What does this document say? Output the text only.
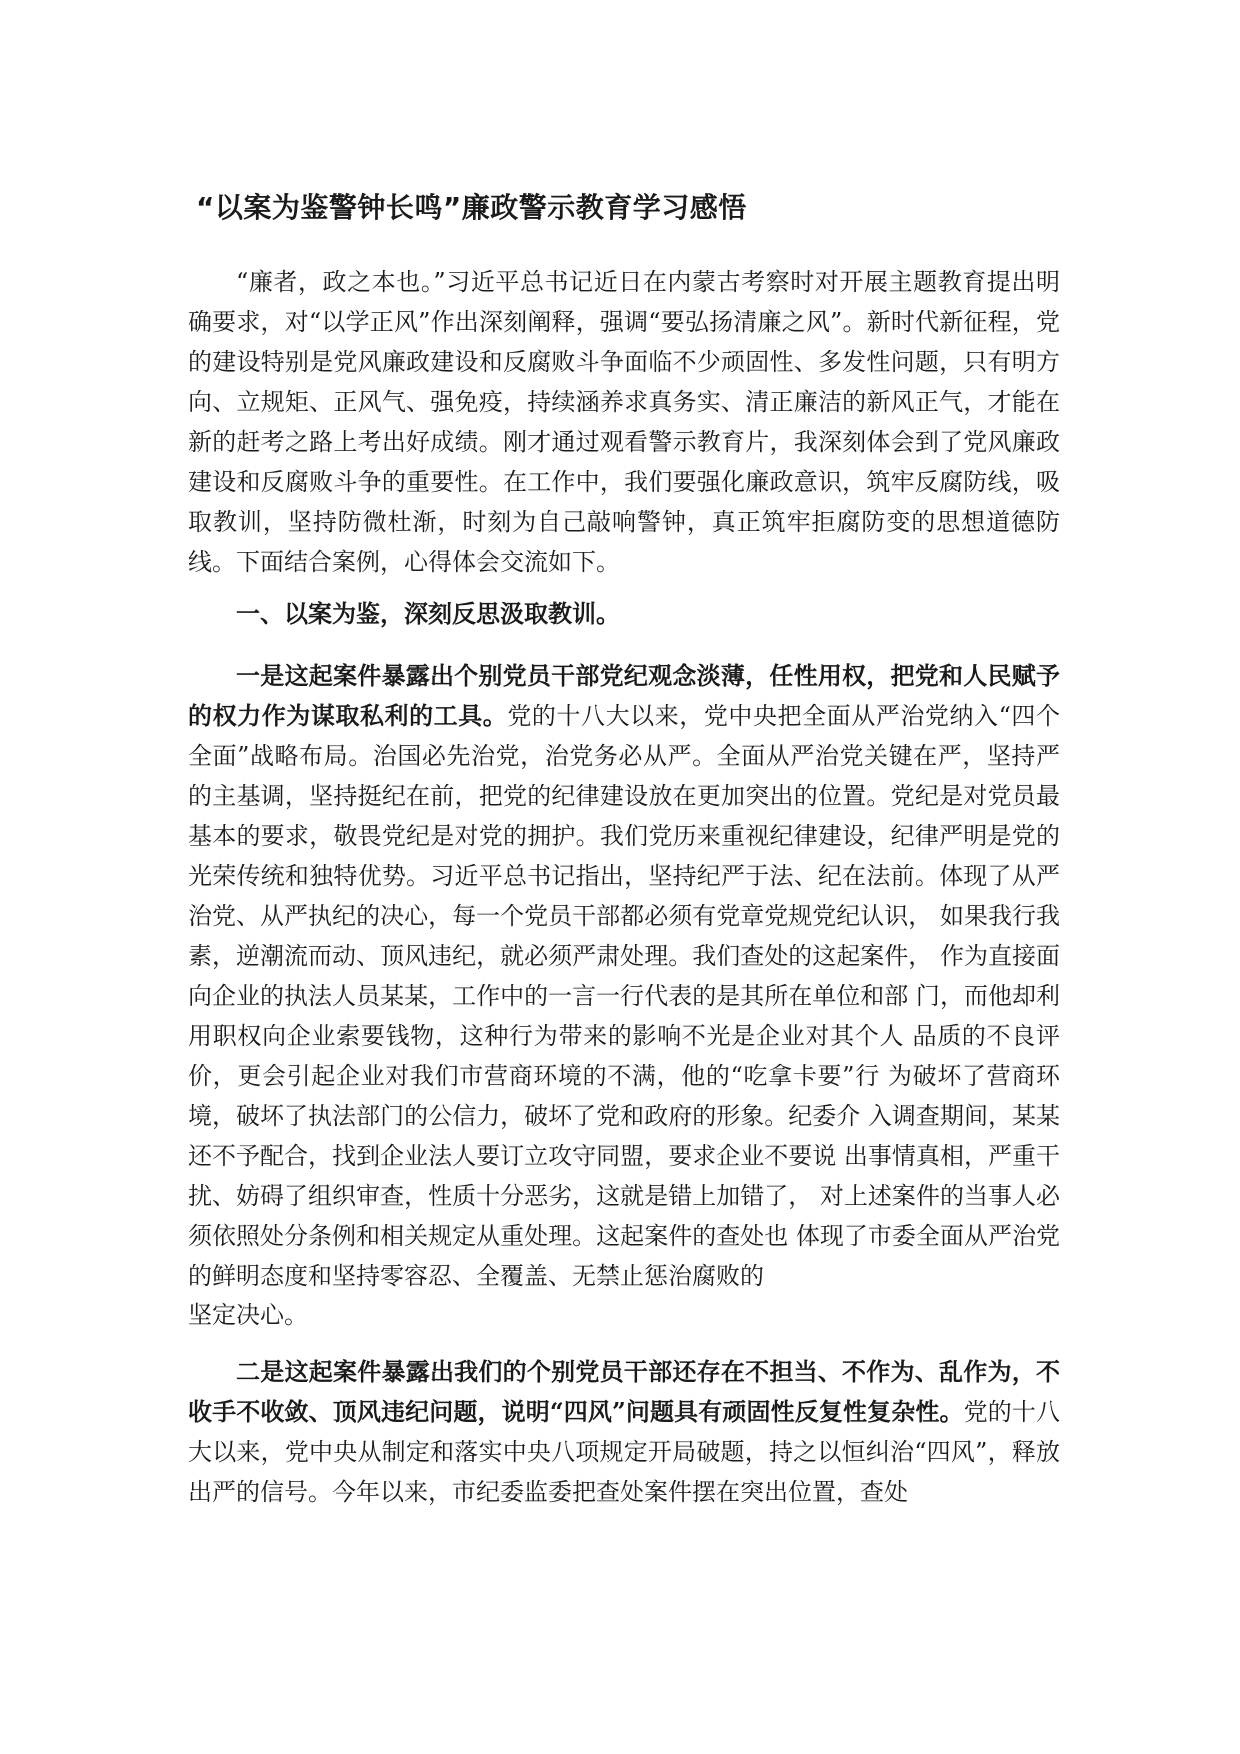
“以案为鉴警钟长鸣”廉政警示教育学习感悟

“廉者，政之本也。”习近平总书记近日在内蒙古考察时对开展主题教育提出明确要求，对“以学正风”作出深刻阐释，强调“要弘扬清廉之风”。新时代新征程，党的建设特别是党风廉政建设和反腐败斗争面临不少顽固性、多发性问题，只有明方向、立规矩、正风气、强免疫，持续涵养求真务实、清正廉洁的新风正气，才能在新的赶考之路上考出好成绩。刚才通过观看警示教育片，我深刻体会到了党风廉政建设和反腐败斗争的重要性。在工作中，我们要强化廉政意识，筑牢反腐防线，吸取教训，坚持防微杜渐，时刻为自己敲响警钟，真正筑牢拒腐防变的思想道德防线。下面结合案例，心得体会交流如下。

一、以案为鉴，深刻反思汲取教训。

一是这起案件暴露出个别党员干部党纪观念淡薄，任性用权，把党和人民赋予的权力作为谋取私利的工具。党的十八大以来，党中央把全面从严治党纳入“四个全面”战略布局。治国必先治党，治党务必从严。全面从严治党关键在严，坚持严的主基调，坚持挺纪在前，把党的纪律建设放在更加突出的位置。党纪是对党员最基本的要求，敬畏党纪是对党的拥护。我们党历来重视纪律建设，纪律严明是党的光荣传统和独特优势。习近平总书记指出，坚持纪严于法、纪在法前。体现了从严治党、从严执纪的决心，每一个党员干部都必须有党章党规党纪认识， 如果我行我素，逆潮流而动、顶风违纪，就必须严肃处理。我们查处的这起案件， 作为直接面向企业的执法人员某某，工作中的一言一行代表的是其所在单位和部 门，而他却利用职权向企业索要钱物，这种行为带来的影响不光是企业对其个人 品质的不良评价，更会引起企业对我们市营商环境的不满，他的“吃拿卡要”行 为破坏了营商环境，破坏了执法部门的公信力，破坏了党和政府的形象。纪委介 入调查期间，某某还不予配合，找到企业法人要订立攻守同盟，要求企业不要说 出事情真相，严重干扰、妨碍了组织审查，性质十分恶劣，这就是错上加错了， 对上述案件的当事人必须依照处分条例和相关规定从重处理。这起案件的查处也 体现了市委全面从严治党的鲜明态度和坚持零容忍、全覆盖、无禁止惩治腐败的

坚定决心。

二是这起案件暴露出我们的个别党员干部还存在不担当、不作为、乱作为，不收手不收敛、顶风违纪问题，说明“四风”问题具有顽固性反复性复杂性。党的十八大以来，党中央从制定和落实中央八项规定开局破题，持之以恒纠治“四风”，释放出严的信号。今年以来，市纪委监委把查处案件摆在突出位置，查处
